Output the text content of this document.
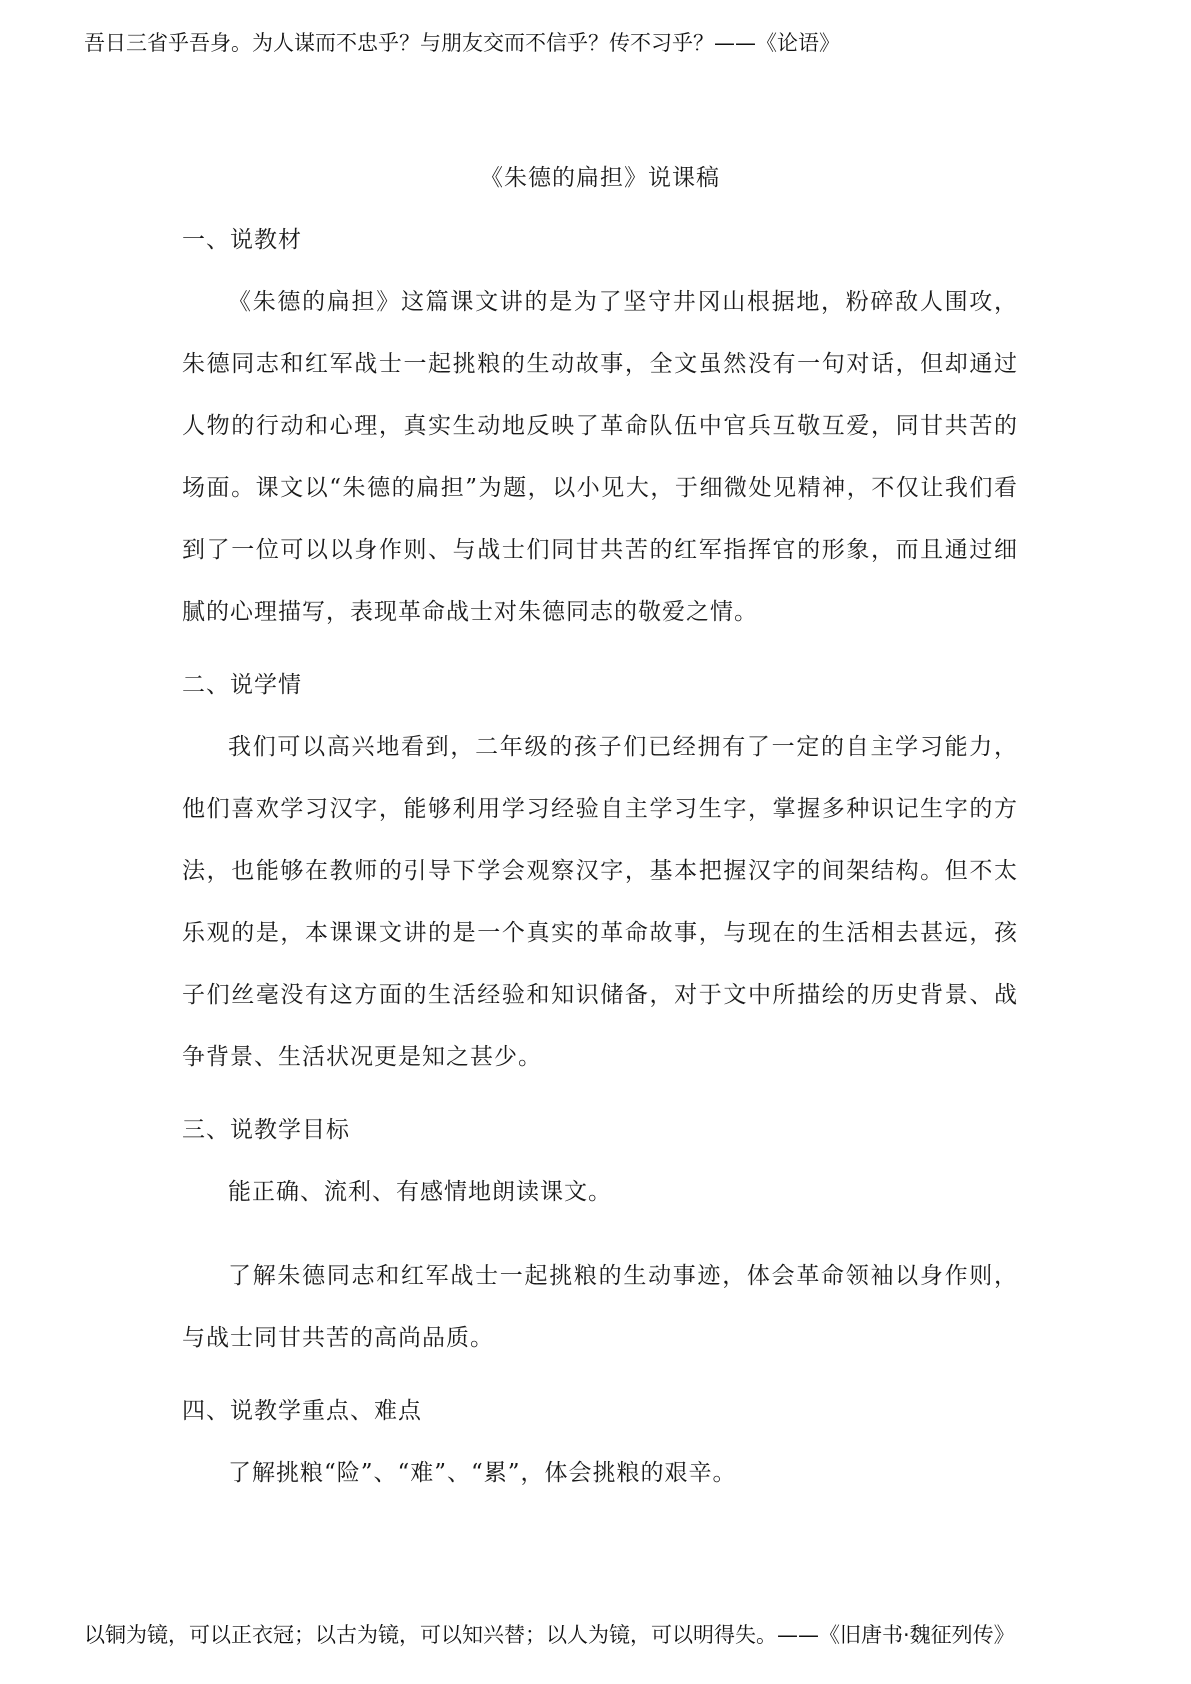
吾日三省乎吾身。为人谋而不忠乎？与朋友交而不信乎？传不习乎？——《论语》
《朱德的扁担》说课稿
一、说教材

《朱德的扁担》这篇课文讲的是为了坚守井冈山根据地，粉碎敌人围攻，朱德同志和红军战士一起挑粮的生动故事，全文虽然没有一句对话，但却通过人物的行动和心理，真实生动地反映了革命队伍中官兵互敬互爱，同甘共苦的场面。课文以“朱德的扁担”为题，以小见大，于细微处见精神，不仅让我们看到了一位可以以身作则、与战士们同甘共苦的红军指挥官的形象，而且通过细腻的心理描写，表现革命战士对朱德同志的敬爱之情。

二、说学情

我们可以高兴地看到，二年级的孩子们已经拥有了一定的自主学习能力，他们喜欢学习汉字，能够利用学习经验自主学习生字，掌握多种识记生字的方法，也能够在教师的引导下学会观察汉字，基本把握汉字的间架结构。但不太乐观的是，本课课文讲的是一个真实的革命故事，与现在的生活相去甚远，孩子们丝毫没有这方面的生活经验和知识储备，对于文中所描绘的历史背景、战争背景、生活状况更是知之甚少。

三、说教学目标

能正确、流利、有感情地朗读课文。

了解朱德同志和红军战士一起挑粮的生动事迹，体会革命领袖以身作则，与战士同甘共苦的高尚品质。

四、说教学重点、难点

了解挑粮“险”、“难”、“累”，体会挑粮的艰辛。

以铜为镜，可以正衣冠；以古为镜，可以知兴替；以人为镜，可以明得失。——《旧唐书·魏征列传》
